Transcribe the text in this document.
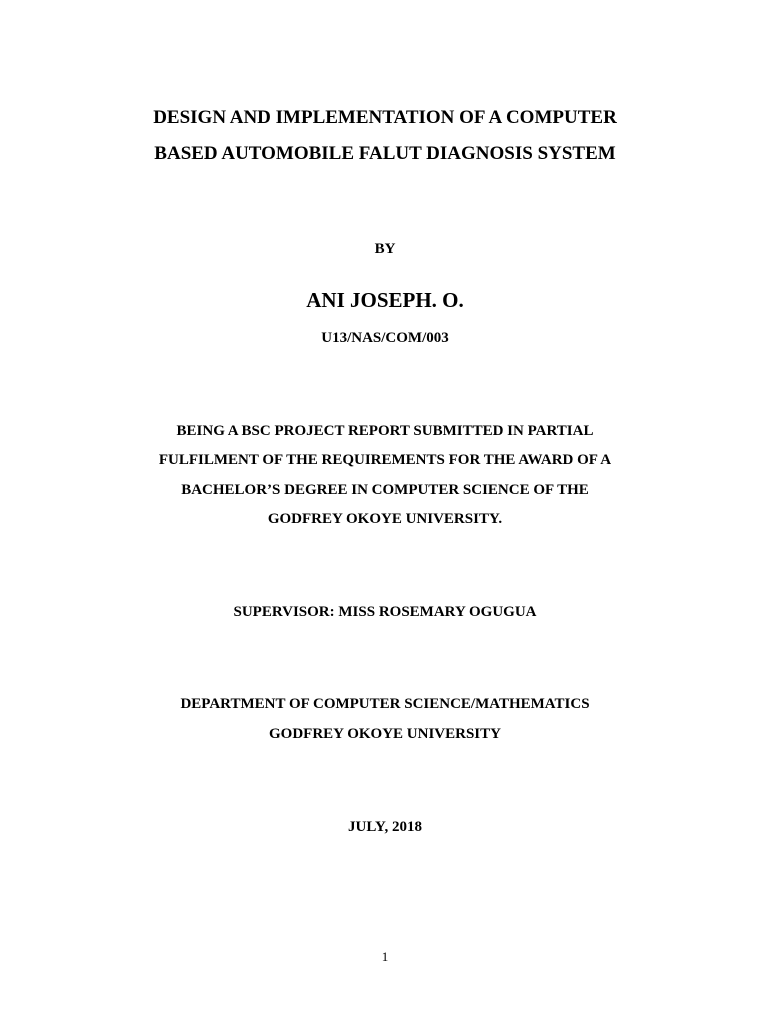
DESIGN AND IMPLEMENTATION OF A COMPUTER
BASED AUTOMOBILE FALUT DIAGNOSIS SYSTEM
BY
ANI JOSEPH. O.
U13/NAS/COM/003
BEING A BSC PROJECT REPORT SUBMITTED IN PARTIAL
FULFILMENT OF THE REQUIREMENTS FOR THE AWARD OF A
BACHELOR’S DEGREE IN COMPUTER SCIENCE OF THE
GODFREY OKOYE UNIVERSITY.
SUPERVISOR: MISS ROSEMARY OGUGUA
DEPARTMENT OF COMPUTER SCIENCE/MATHEMATICS
GODFREY OKOYE UNIVERSITY
JULY, 2018
1
